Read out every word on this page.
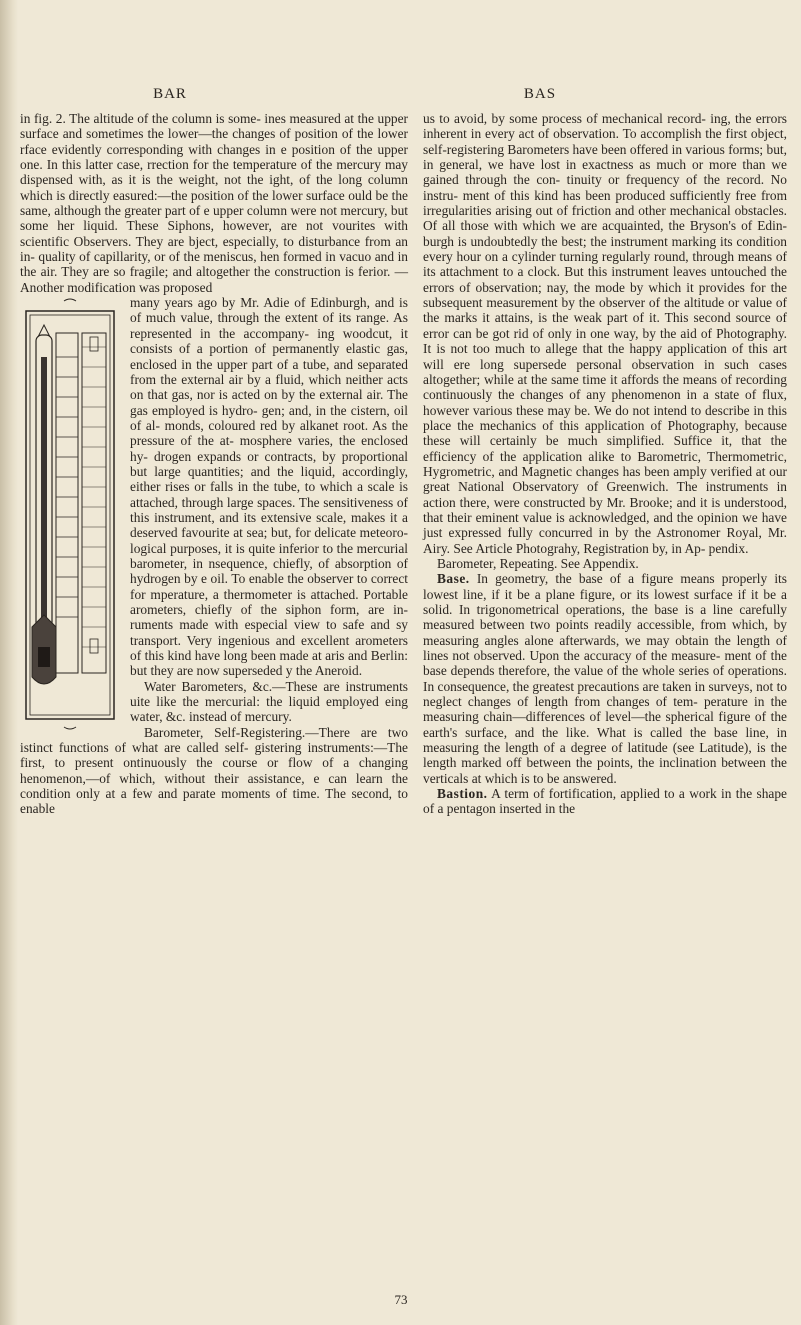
BAR	BAS

in fig. 2. The altitude of the column is some- ines measured at the upper surface and sometimes the lower—the changes of position of the lower rface evidently corresponding with changes in e position of the upper one. In this latter case, rrection for the temperature of the mercury may dispensed with, as it is the weight, not the ight, of the long column which is directly easured:—the position of the lower surface ould be the same, although the greater part of e upper column were not mercury, but some her liquid. These Siphons, however, are not vourites with scientific Observers. They are bject, especially, to disturbance from an in- quality of capillarity, or of the meniscus, hen formed in vacuo and in the air. They are so fragile; and altogether the construction is ferior. — Another modification was proposed

many years ago by Mr. Adie of Edinburgh, and is of much value, through the extent of its range. As represented in the accompany- ing woodcut, it consists of a portion of permanently elastic gas, enclosed in the upper part of a tube, and separated from the external air by a fluid, which neither acts on that gas, nor is acted on by the external air. The gas employed is hydro- gen; and, in the cistern, oil of al- monds, coloured red by alkanet root. As the pressure of the at- mosphere varies, the enclosed hy- drogen expands or contracts, by proportional but large quantities; and the liquid, accordingly, either rises or falls in the tube, to which a scale is attached, through large spaces. The sensitiveness of this instrument, and its extensive scale, makes it a deserved favourite at sea; but, for delicate meteoro- logical purposes, it is quite inferior to the mercurial barometer, in nsequence, chiefly, of absorption of hydrogen by e oil. To enable the observer to correct for mperature, a thermometer is attached. Portable arometers, chiefly of the siphon form, are in- ruments made with especial view to safe and sy transport. Very ingenious and excellent arometers of this kind have long been made at aris and Berlin: but they are now superseded y the Aneroid.

Water Barometers, &c.—These are instruments uite like the mercurial: the liquid employed eing water, &c. instead of mercury.

Barometer, Self-Registering.—There are two istinct functions of what are called self- gistering instruments:—The first, to present ontinuously the course or flow of a changing henomenon,—of which, without their assistance, e can learn the condition only at a few and parate moments of time. The second, to enable

us to avoid, by some process of mechanical record- ing, the errors inherent in every act of observation. To accomplish the first object, self-registering Barometers have been offered in various forms; but, in general, we have lost in exactness as much or more than we gained through the con- tinuity or frequency of the record. No instru- ment of this kind has been produced sufficiently free from irregularities arising out of friction and other mechanical obstacles. Of all those with which we are acquainted, the Bryson's of Edin- burgh is undoubtedly the best; the instrument marking its condition every hour on a cylinder turning regularly round, through means of its attachment to a clock. But this instrument leaves untouched the errors of observation; nay, the mode by which it provides for the subsequent measurement by the observer of the altitude or value of the marks it attains, is the weak part of it. This second source of error can be got rid of only in one way, by the aid of Photography. It is not too much to allege that the happy application of this art will ere long supersede personal observation in such cases altogether; while at the same time it affords the means of recording continuously the changes of any phenomenon in a state of flux, however various these may be. We do not intend to describe in this place the mechanics of this application of Photography, because these will certainly be much simplified. Suffice it, that the efficiency of the application alike to Barometric, Thermometric, Hygrometric, and Magnetic changes has been amply verified at our great National Observatory of Greenwich. The instruments in action there, were constructed by Mr. Brooke; and it is understood, that their eminent value is acknowledged, and the opinion we have just expressed fully concurred in by the Astronomer Royal, Mr. Airy. See Article Photograhy, Registration by, in Ap- pendix.

Barometer, Repeating. See Appendix.

Base. In geometry, the base of a figure means properly its lowest line, if it be a plane figure, or its lowest surface if it be a solid. In trigonometrical operations, the base is a line carefully measured between two points readily accessible, from which, by measuring angles alone afterwards, we may obtain the length of lines not observed. Upon the accuracy of the measure- ment of the base depends therefore, the value of the whole series of operations. In consequence, the greatest precautions are taken in surveys, not to neglect changes of length from changes of tem- perature in the measuring chain—differences of level—the spherical figure of the earth's surface, and the like. What is called the base line, in measuring the length of a degree of latitude (see Latitude), is the length marked off between the points, the inclination between the verticals at which is to be answered.

Bastion. A term of fortification, applied to a work in the shape of a pentagon inserted in the

73
